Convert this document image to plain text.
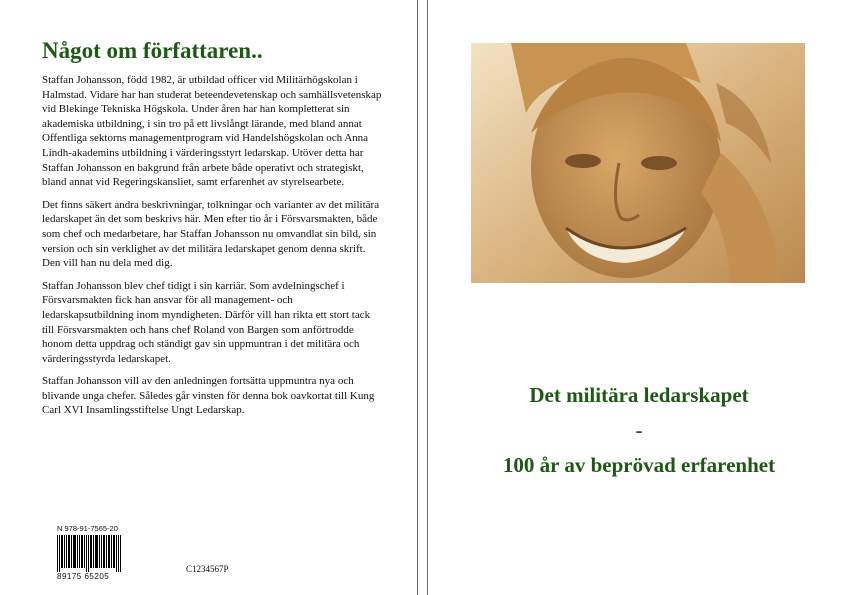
Något om författaren..

Staffan Johansson, född 1982, är utbildad officer vid Militärhögskolan i Halmstad. Vidare har han studerat beteendevetenskap och samhällsvetenskap vid Blekinge Tekniska Högskola. Under åren har han kompletterat sin akademiska utbildning, i sin tro på ett livslångt lärande, med bland annat Offentliga sektorns managementprogram vid Handelshögskolan och Anna Lindh-akademins utbildning i värderingsstyrt ledarskap. Utöver detta har Staffan Johansson en bakgrund från arbete både operativt och strategiskt, bland annat vid Regeringskansliet, samt erfarenhet av styrelsearbete.

Det finns säkert andra beskrivningar, tolkningar och varianter av det militära ledarskapet än det som beskrivs här. Men efter tio år i Försvarsmakten, både som chef och medarbetare, har Staffan Johansson nu omvandlat sin bild, sin version och sin verklighet av det militära ledarskapet genom denna skrift. Den vill han nu dela med dig.

Staffan Johansson blev chef tidigt i sin karriär. Som avdelningschef i Försvarsmakten fick han ansvar för all management- och ledarskapsutbildning inom myndigheten. Därför vill han rikta ett stort tack till Försvarsmakten och hans chef Roland von Bargen som anförtrodde honom detta uppdrag och ständigt gav sin uppmuntran i det militära och värderingsstyrda ledarskapet.

Staffan Johansson vill av den anledningen fortsätta uppmuntra nya och blivande unga chefer. Således går vinsten för denna bok oavkortat till Kung Carl XVI Insamlingsstiftelse Ungt Ledarskap.

N 978-91-7565-20
89175 65205
C1234567P
Det militära ledarskapet
-
100 år av beprövad erfarenhet
